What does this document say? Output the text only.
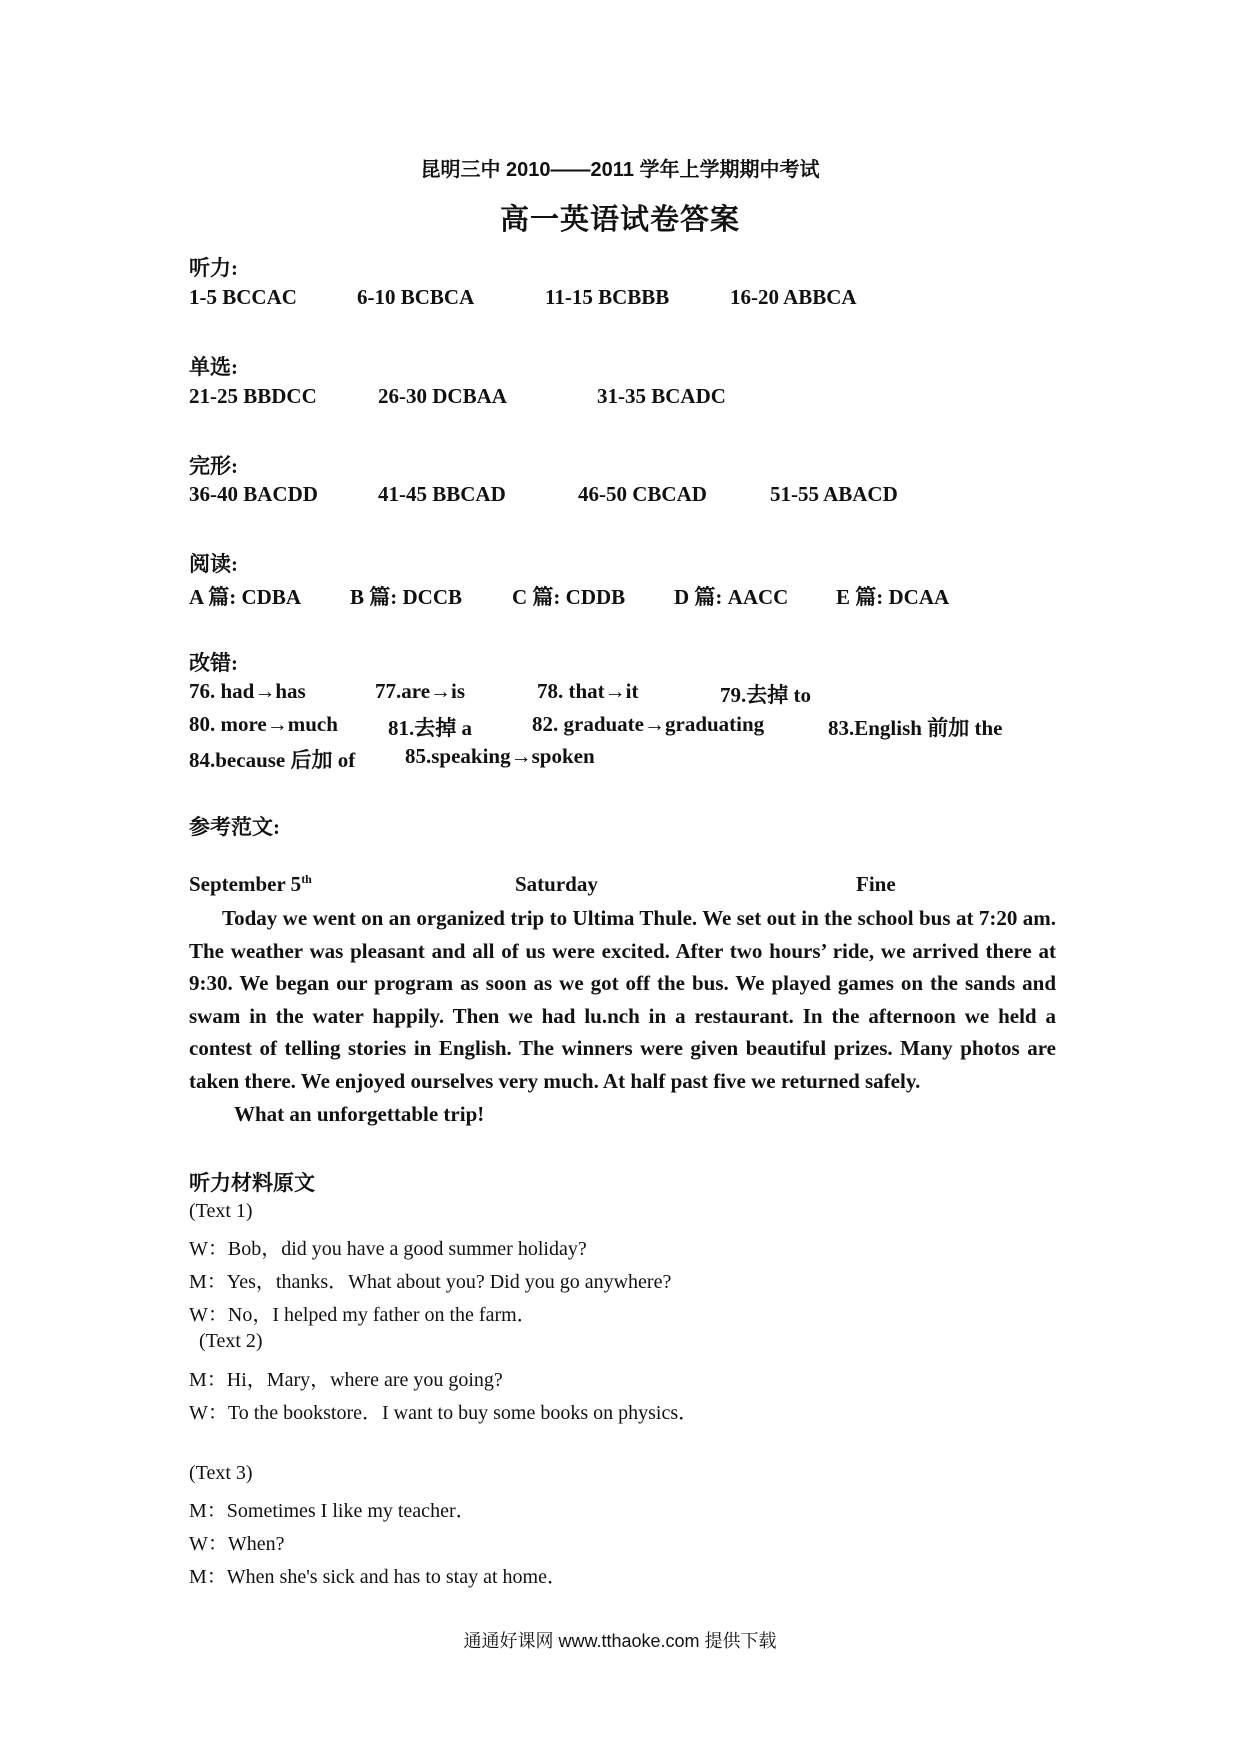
昆明三中 2010——2011 学年上学期期中考试
高一英语试卷答案
听力:
1-5 BCCAC	6-10 BCBCA	11-15 BCBBB	16-20 ABBCA
单选:
21-25 BBDCC	26-30 DCBAA	31-35 BCADC
完形:
36-40 BACDD	41-45 BBCAD	46-50 CBCAD	51-55 ABACD
阅读:
A 篇: CDBA B 篇: DCCB C 篇: CDDB D 篇: AACC E 篇: DCAA
改错:
76. had→has	77.are→is	78. that→it	79.去掉 to
80. more→much 81.去掉 a	82. graduate→graduating	83.English 前加 the
84.because 后加 of 85.speaking→spoken
参考范文:
September 5th	Saturday	Fine

Today we went on an organized trip to Ultima Thule. We set out in the school bus at 7:20 am. The weather was pleasant and all of us were excited. After two hours’ ride, we arrived there at 9:30. We began our program as soon as we got off the bus. We played games on the sands and swam in the water happily. Then we had lu.nch in a restaurant. In the afternoon we held a contest of telling stories in English. The winners were given beautiful prizes. Many photos are taken there. We enjoyed ourselves very much. At half past five we returned safely.

What an unforgettable trip!

听力材料原文
(Text 1)
W：Bob，did you have a good summer holiday?
M：Yes，thanks．What about you? Did you go anywhere?
W：No，I helped my father on the farm．
(Text 2)
M：Hi，Mary，where are you going?
W：To the bookstore．I want to buy some books on physics．
(Text 3)
M：Sometimes I like my teacher．
W：When?
M：When she's sick and has to stay at home．
通通好课网 www.tthaoke.com 提供下载
